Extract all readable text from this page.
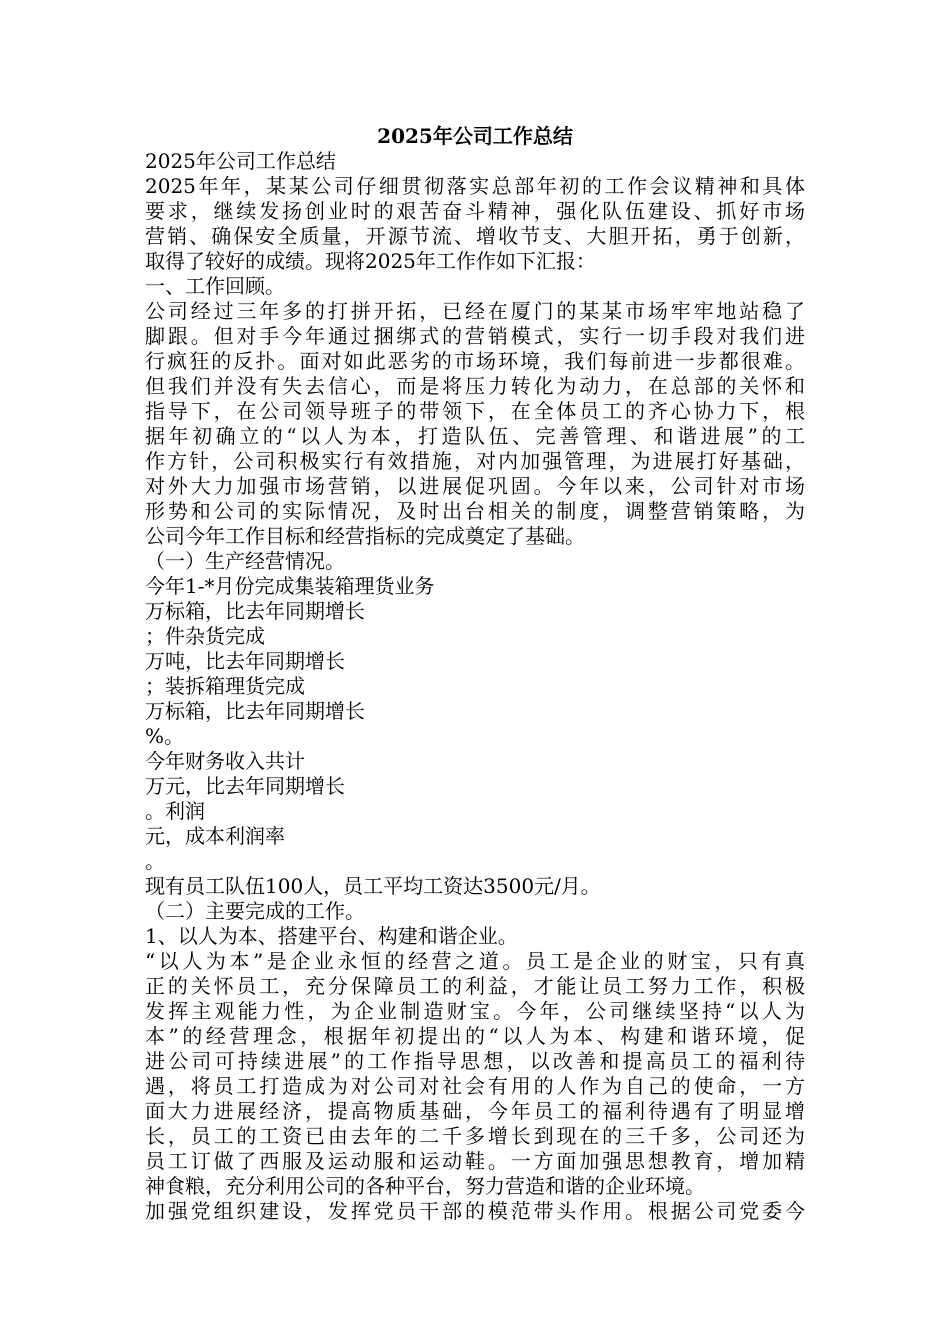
2025年公司工作总结
2025年公司工作总结
2025年年，某某公司仔细贯彻落实总部年初的工作会议精神和具体
要求，继续发扬创业时的艰苦奋斗精神，强化队伍建设、抓好市场
营销、确保安全质量，开源节流、增收节支、大胆开拓，勇于创新，
取得了较好的成绩。现将2025年工作作如下汇报：
一、工作回顾。
公司经过三年多的打拼开拓，已经在厦门的某某市场牢牢地站稳了
脚跟。但对手今年通过捆绑式的营销模式，实行一切手段对我们进
行疯狂的反扑。面对如此恶劣的市场环境，我们每前进一步都很难。
但我们并没有失去信心，而是将压力转化为动力，在总部的关怀和
指导下，在公司领导班子的带领下，在全体员工的齐心协力下，根
据年初确立的“以人为本，打造队伍、完善管理、和谐进展”的工
作方针，公司积极实行有效措施，对内加强管理，为进展打好基础，
对外大力加强市场营销，以进展促巩固。今年以来，公司针对市场
形势和公司的实际情况，及时出台相关的制度，调整营销策略，为
公司今年工作目标和经营指标的完成奠定了基础。
（一）生产经营情况。
今年1-*月份完成集装箱理货业务
万标箱，比去年同期增长
；件杂货完成
万吨，比去年同期增长
；装拆箱理货完成
万标箱，比去年同期增长
%。
今年财务收入共计
万元，比去年同期增长
。利润
元，成本利润率
。
现有员工队伍100人，员工平均工资达3500元/月。
（二）主要完成的工作。
1、以人为本、搭建平台、构建和谐企业。
“以人为本”是企业永恒的经营之道。员工是企业的财宝，只有真
正的关怀员工，充分保障员工的利益，才能让员工努力工作，积极
发挥主观能力性，为企业制造财宝。今年，公司继续坚持“以人为
本”的经营理念，根据年初提出的“以人为本、构建和谐环境，促
进公司可持续进展”的工作指导思想，以改善和提高员工的福利待
遇，将员工打造成为对公司对社会有用的人作为自己的使命，一方
面大力进展经济，提高物质基础，今年员工的福利待遇有了明显增
长，员工的工资已由去年的二千多增长到现在的三千多，公司还为
员工订做了西服及运动服和运动鞋。一方面加强思想教育，增加精
神食粮，充分利用公司的各种平台，努力营造和谐的企业环境。
加强党组织建设，发挥党员干部的模范带头作用。根据公司党委今
